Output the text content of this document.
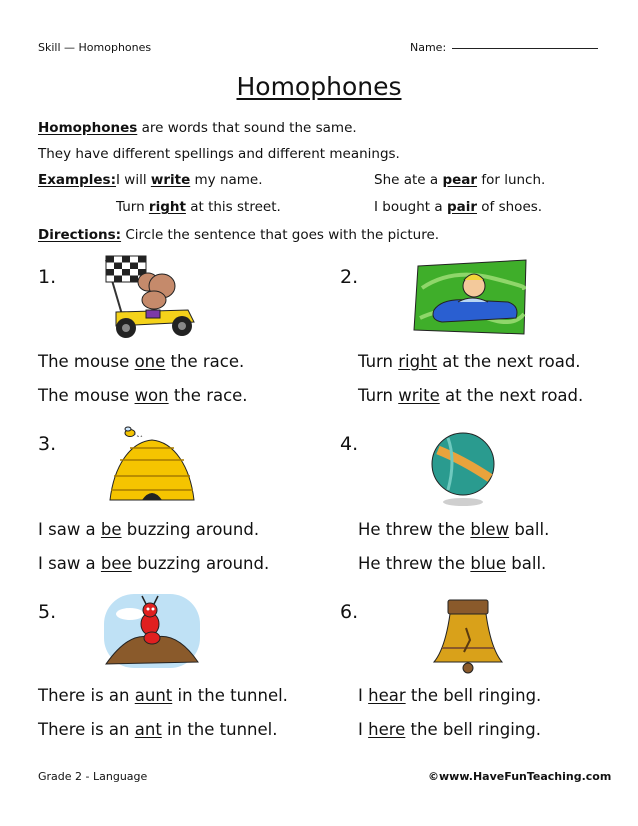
Skill — Homophones	Name:
Homophones
Homophones are words that sound the same.
They have different spellings and different meanings.
Examples: I will write my name.	She ate a pear for lunch.
Turn right at this street.	I bought a pair of shoes.
Directions: Circle the sentence that goes with the picture.
1.	2.
3.	4.
5.	6.
The mouse one the race.
The mouse won the race.
Turn right at the next road.
Turn write at the next road.
I saw a be buzzing around.
I saw a bee buzzing around.
He threw the blew ball.
He threw the blue ball.
There is an aunt in the tunnel.
There is an ant in the tunnel.
I hear the bell ringing.
I here the bell ringing.
Grade 2 - Language	©www.HaveFunTeaching.com
